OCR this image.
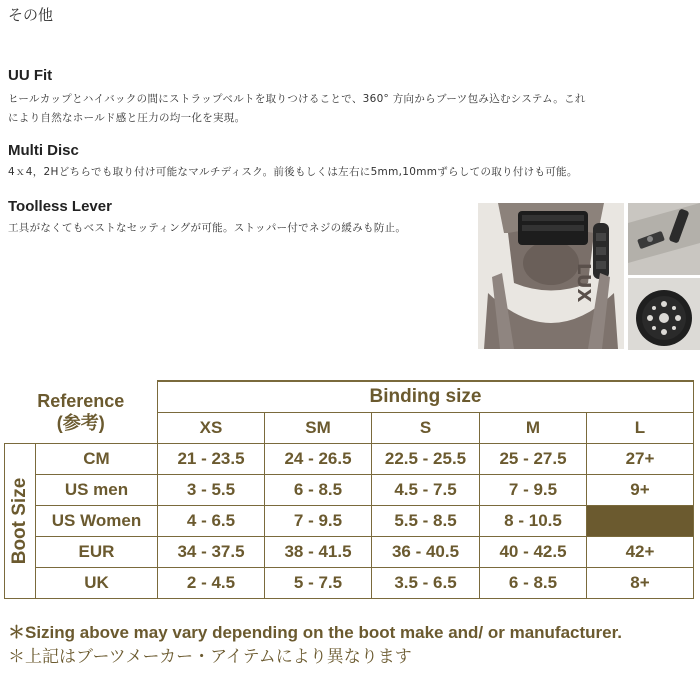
その他
UU Fit
ヒールカップとハイバックの間にストラップベルトを取りつけることで、360° 方向からブーツ包み込むシステム。これ
により自然なホールド感と圧力の均一化を実現。
Multi Disc
4ｘ4，2Hどちらでも取り付け可能なマルチディスク。前後もしくは左右に5mm,10mmずらしての取り付けも可能。
Toolless Lever
工具がなくてもベストなセッティングが可能。ストッパー付でネジの緩みも防止。
LUX
Reference
(参考)		Binding size				
		XS	SM	S	M	L

Boot Size	CM	21 - 23.5	24 - 26.5	22.5 - 25.5	25 - 27.5	27+
	US men	3 - 5.5	6 - 8.5	4.5 - 7.5	7 - 9.5	9+
	US Women	4 - 6.5	7 - 9.5	5.5 - 8.5	8 - 10.5	
	EUR	34 - 37.5	38 - 41.5	36 - 40.5	40 - 42.5	42+
	UK	2 - 4.5	5 - 7.5	3.5 - 6.5	6 - 8.5	8+
＊Sizing above may vary depending on the boot make and/ or manufacturer.
＊上記はブーツメーカー・アイテムにより異なります
